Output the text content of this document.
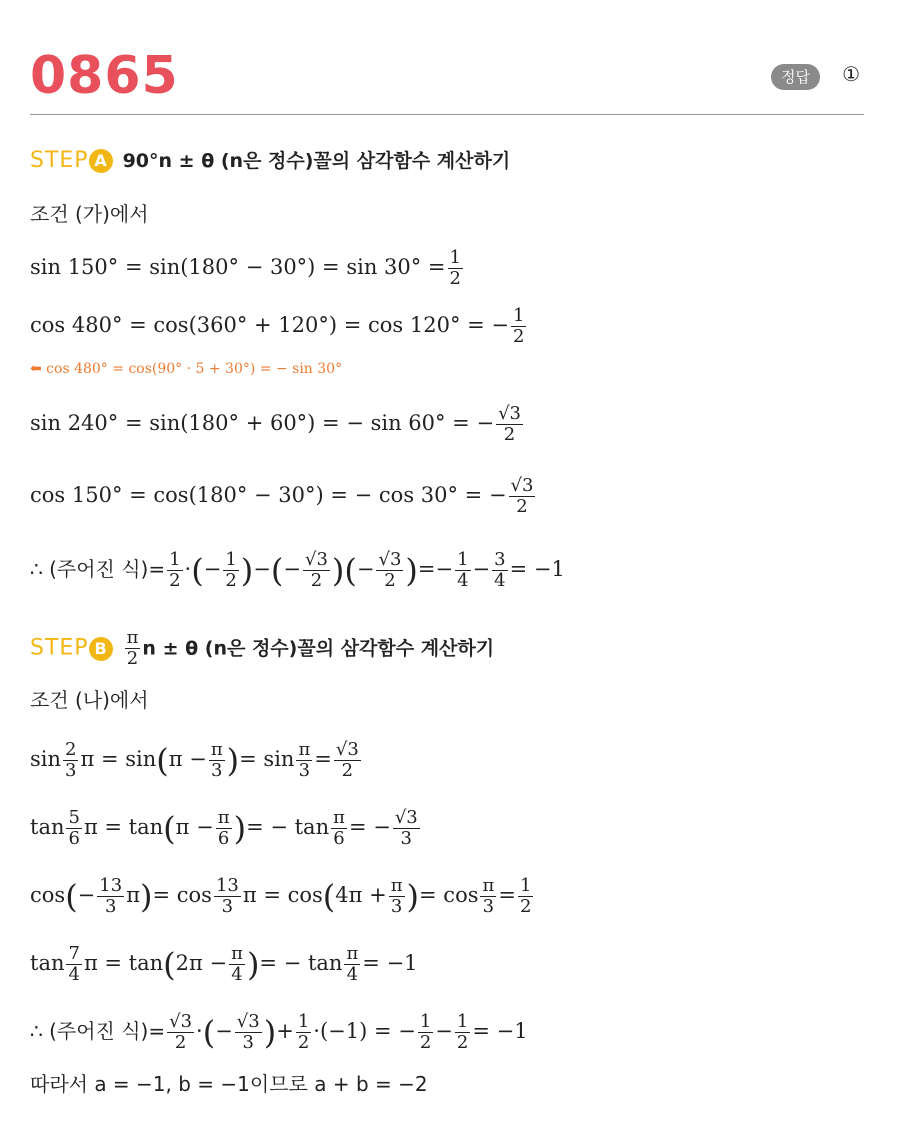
0865	정답	①
STEP A 90°n ± θ (n은 정수)꼴의 삼각함수 계산하기
조건 (가)에서
$\sin 150^\circ = \sin(180^\circ - 30^\circ) = \sin 30^\circ = \frac{1}{2}$
cos 480° = cos(360° + 120°) = cos 120° = − $\frac{1}{2}$
⬅ cos 480° = cos(90° · 5 + 30°) = − sin 30°
sin 240° = sin(180° + 60°) = − sin 60° = − $\frac{√3}{2}$
cos 150° = cos(180° − 30°) = − cos 30° = − $\frac{√3}{2}$
∴ (주어진 식)= $\frac{1}{2}$ ·(− $\frac{1}{2}$ )−(− $\frac{√3}{2}$ )(− $\frac{√3}{2}$ )=− $\frac{1}{4} - \frac{3}{4} = -1$
STEP B $\frac{\pi}{2}$ n ± θ (n은 정수)꼴의 삼각함수 계산하기
조건 (나)에서
$\sin \frac{2}{3}$ $\pi = \sin(\pi - \frac{\pi}{3}$ )= $\sin \frac{\pi}{3} = \frac{√3}{2}$
$\tan \frac{5}{6}$ $\pi = \tan(\pi - \frac{\pi}{6}$ )= − $\tan \frac{\pi}{6}$ = − $\frac{√3}{3}$
$\cos(- \frac{13}{3} \pi)= \cos \frac{13}{3}$ $\pi = \cos(4\pi + \frac{\pi}{3}$ )= $\cos \frac{\pi}{3} = \frac{1}{2}$
$\tan \frac{7}{4}$ $\pi = \tan(2\pi - \frac{\pi}{4}$ )= − $\tan \frac{\pi}{4} = -1$
∴ (주어진 식)= $\frac{√3}{2}$ ·(− $\frac{√3}{3}$ )+ $\frac{1}{2} \cdot(-1)$ = − $\frac{1}{2} - \frac{1}{2} = -1$
따라서 a = −1, b = −1이므로 a + b = −2
